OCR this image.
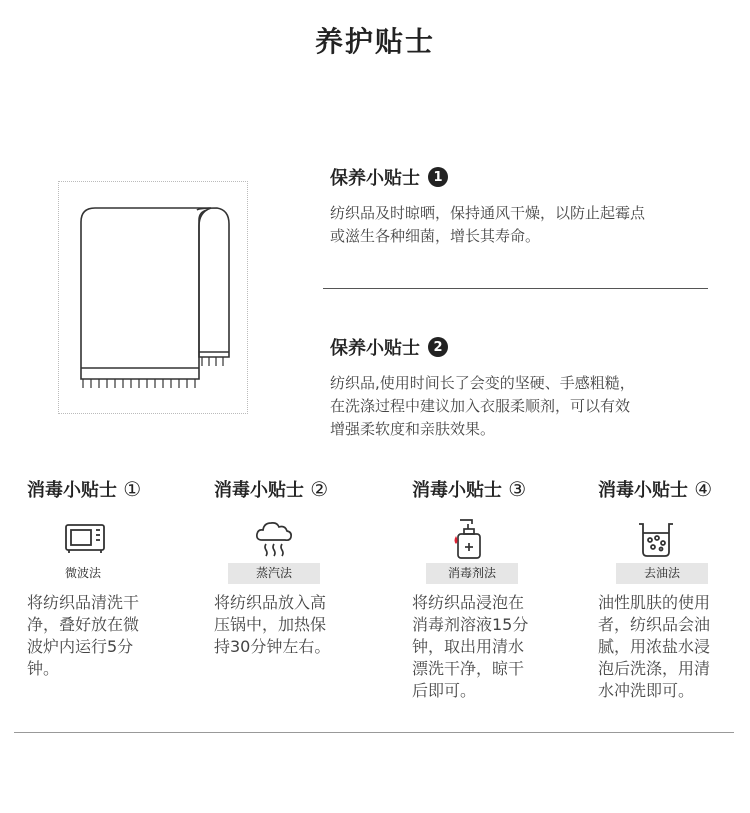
养护贴士
保养小贴士	1
纺织品及时晾晒，保持通风干燥，以防止起霉点
或滋生各种细菌，增长其寿命。
保养小贴士	2
纺织品,使用时间长了会变的坚硬、手感粗糙，
在洗涤过程中建议加入衣服柔顺剂，可以有效
增强柔软度和亲肤效果。
消毒小贴士 ①
微波法
将纺织品清洗干
净，叠好放在微
波炉内运行5分
钟。
消毒小贴士 ②
蒸汽法
将纺织品放入高
压锅中，加热保
持30分钟左右。
消毒小贴士 ③
消毒剂法
将纺织品浸泡在
消毒剂溶液15分
钟，取出用清水
漂洗干净，晾干
后即可。
消毒小贴士 ④
去油法
油性肌肤的使用
者，纺织品会油
腻，用浓盐水浸
泡后洗涤，用清
水冲洗即可。
